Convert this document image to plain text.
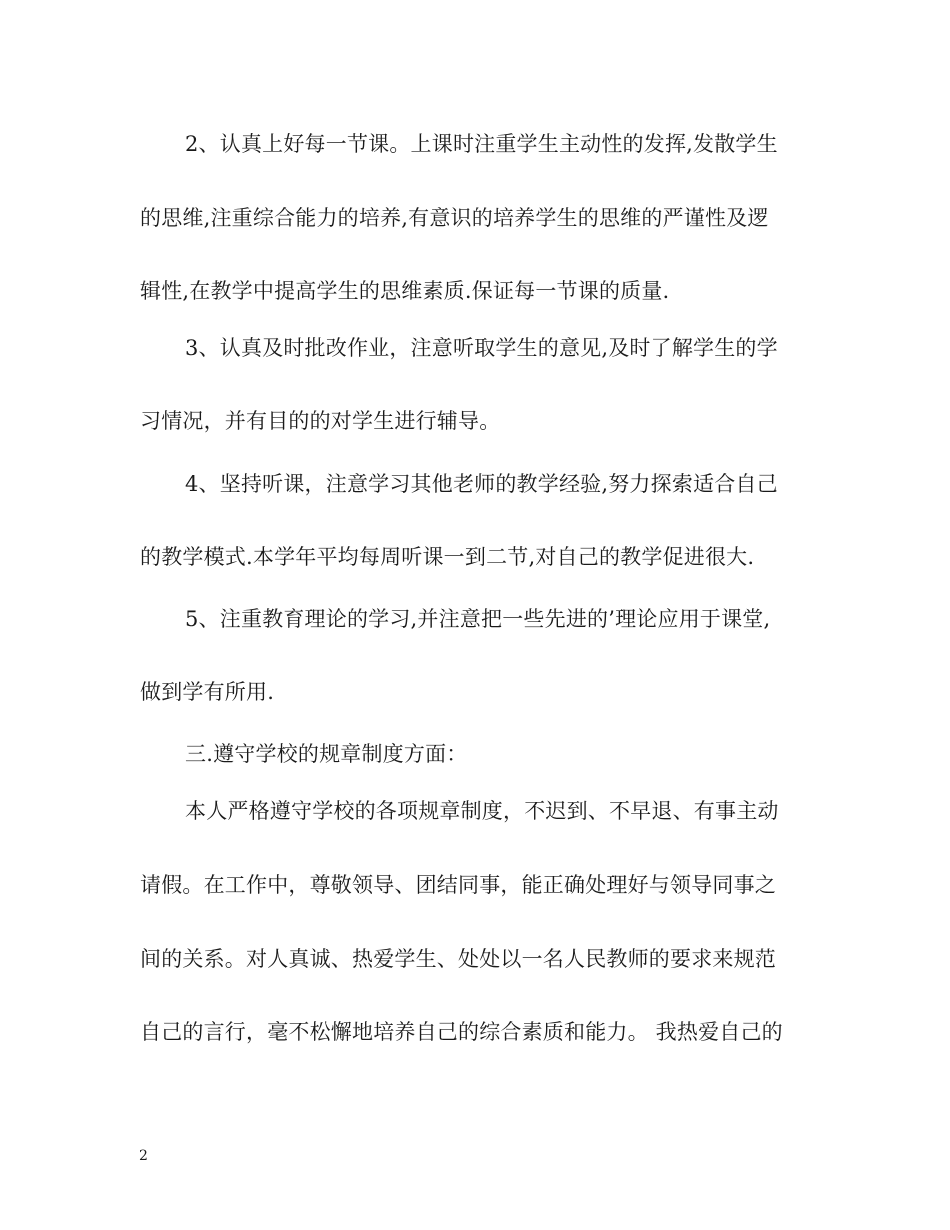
2、认真上好每一节课。上课时注重学生主动性的发挥,发散学生
的思维,注重综合能力的培养,有意识的培养学生的思维的严谨性及逻
辑性,在教学中提高学生的思维素质.保证每一节课的质量.
3、认真及时批改作业，注意听取学生的意见,及时了解学生的学
习情况，并有目的的对学生进行辅导。
4、坚持听课，注意学习其他老师的教学经验,努力探索适合自己
的教学模式.本学年平均每周听课一到二节,对自己的教学促进很大.
5、注重教育理论的学习,并注意把一些先进的’理论应用于课堂,
做到学有所用.
三.遵守学校的规章制度方面：
本人严格遵守学校的各项规章制度，不迟到、不早退、有事主动
请假。在工作中，尊敬领导、团结同事，能正确处理好与领导同事之
间的关系。对人真诚、热爱学生、处处以一名人民教师的要求来规范
自己的言行，毫不松懈地培养自己的综合素质和能力。 我热爱自己的
2
